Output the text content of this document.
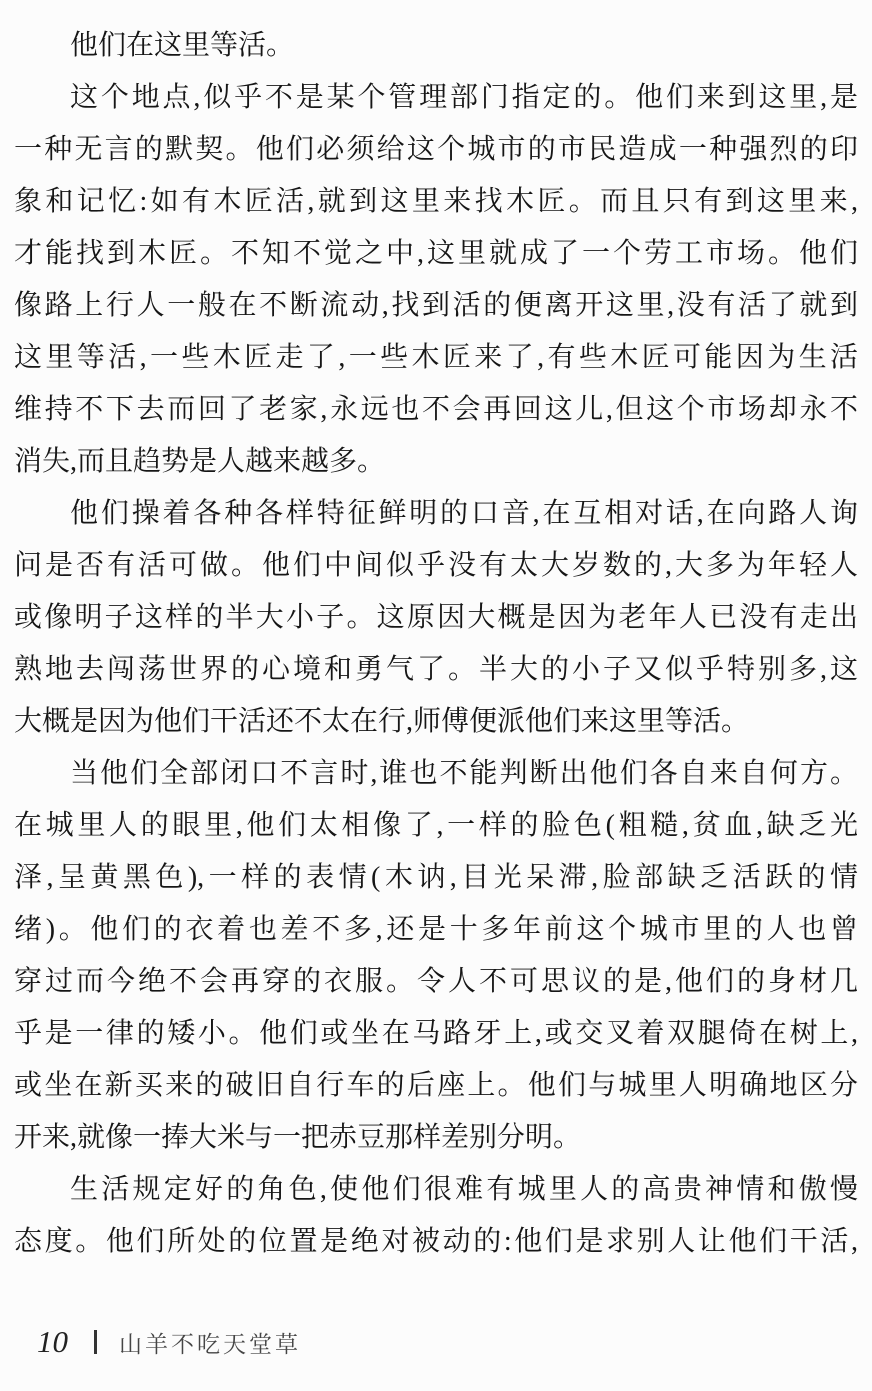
他们在这里等活。
这个地点,似乎不是某个管理部门指定的。他们来到这里,是
一种无言的默契。他们必须给这个城市的市民造成一种强烈的印
象和记忆:如有木匠活,就到这里来找木匠。而且只有到这里来,
才能找到木匠。不知不觉之中,这里就成了一个劳工市场。他们
像路上行人一般在不断流动,找到活的便离开这里,没有活了就到
这里等活,一些木匠走了,一些木匠来了,有些木匠可能因为生活
维持不下去而回了老家,永远也不会再回这儿,但这个市场却永不
消失,而且趋势是人越来越多。
他们操着各种各样特征鲜明的口音,在互相对话,在向路人询
问是否有活可做。他们中间似乎没有太大岁数的,大多为年轻人
或像明子这样的半大小子。这原因大概是因为老年人已没有走出
熟地去闯荡世界的心境和勇气了。半大的小子又似乎特别多,这
大概是因为他们干活还不太在行,师傅便派他们来这里等活。
当他们全部闭口不言时,谁也不能判断出他们各自来自何方。
在城里人的眼里,他们太相像了,一样的脸色(粗糙,贫血,缺乏光
泽,呈黄黑色),一样的表情(木讷,目光呆滞,脸部缺乏活跃的情
绪)。他们的衣着也差不多,还是十多年前这个城市里的人也曾
穿过而今绝不会再穿的衣服。令人不可思议的是,他们的身材几
乎是一律的矮小。他们或坐在马路牙上,或交叉着双腿倚在树上,
或坐在新买来的破旧自行车的后座上。他们与城里人明确地区分
开来,就像一捧大米与一把赤豆那样差别分明。
生活规定好的角色,使他们很难有城里人的高贵神情和傲慢
态度。他们所处的位置是绝对被动的:他们是求别人让他们干活,
10 山羊不吃天堂草
